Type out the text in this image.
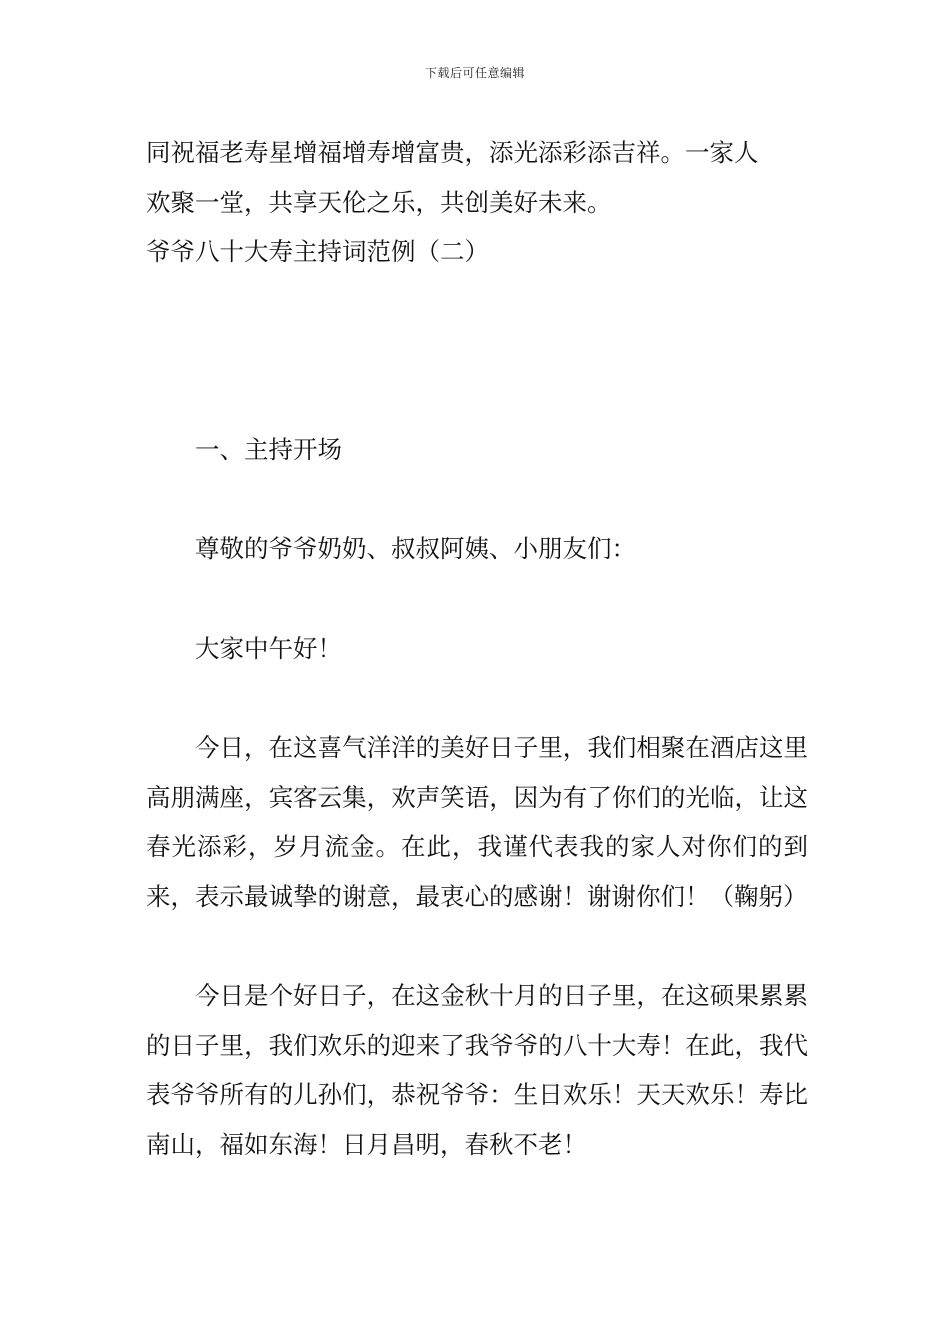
下载后可任意编辑
同祝福老寿星增福增寿增富贵，添光添彩添吉祥。一家人
欢聚一堂，共享天伦之乐，共创美好未来。
爷爷八十大寿主持词范例（二）
一、主持开场
尊敬的爷爷奶奶、叔叔阿姨、小朋友们：
大家中午好！
今日，在这喜气洋洋的美好日子里，我们相聚在酒店这里高朋满座，宾客云集，欢声笑语，因为有了你们的光临，让这春光添彩，岁月流金。在此，我谨代表我的家人对你们的到来，表示最诚挚的谢意，最衷心的感谢！谢谢你们！（鞠躬）
今日是个好日子，在这金秋十月的日子里，在这硕果累累的日子里，我们欢乐的迎来了我爷爷的八十大寿！在此，我代表爷爷所有的儿孙们，恭祝爷爷：生日欢乐！天天欢乐！寿比南山，福如东海！日月昌明，春秋不老！
